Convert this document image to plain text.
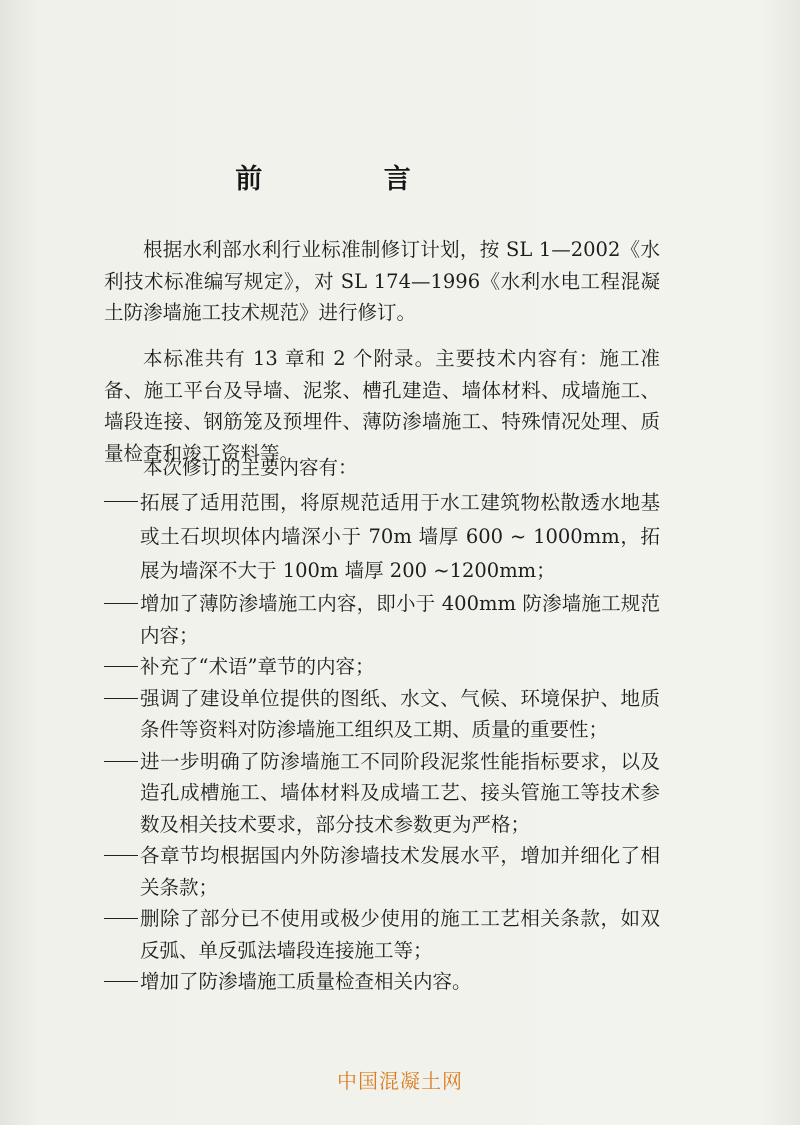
前 言
根据水利部水利行业标准制修订计划，按 SL 1—2002《水利技术标准编写规定》，对 SL 174—1996《水利水电工程混凝土防渗墙施工技术规范》进行修订。
本标准共有 13 章和 2 个附录。主要技术内容有：施工准备、施工平台及导墙、泥浆、槽孔建造、墙体材料、成墙施工、墙段连接、钢筋笼及预埋件、薄防渗墙施工、特殊情况处理、质量检查和竣工资料等。
本次修订的主要内容有：
拓展了适用范围，将原规范适用于水工建筑物松散透水地基或土石坝坝体内墙深小于 70m 墙厚 600 ~ 1000mm，拓展为墙深不大于 100m 墙厚 200 ~1200mm；
增加了薄防渗墙施工内容，即小于 400mm 防渗墙施工规范内容；
补充了“术语”章节的内容；
强调了建设单位提供的图纸、水文、气候、环境保护、地质条件等资料对防渗墙施工组织及工期、质量的重要性；
进一步明确了防渗墙施工不同阶段泥浆性能指标要求，以及造孔成槽施工、墙体材料及成墙工艺、接头管施工等技术参数及相关技术要求，部分技术参数更为严格；
各章节均根据国内外防渗墙技术发展水平，增加并细化了相关条款；
删除了部分已不使用或极少使用的施工工艺相关条款，如双反弧、单反弧法墙段连接施工等；
增加了防渗墙施工质量检查相关内容。
中国混凝土网
